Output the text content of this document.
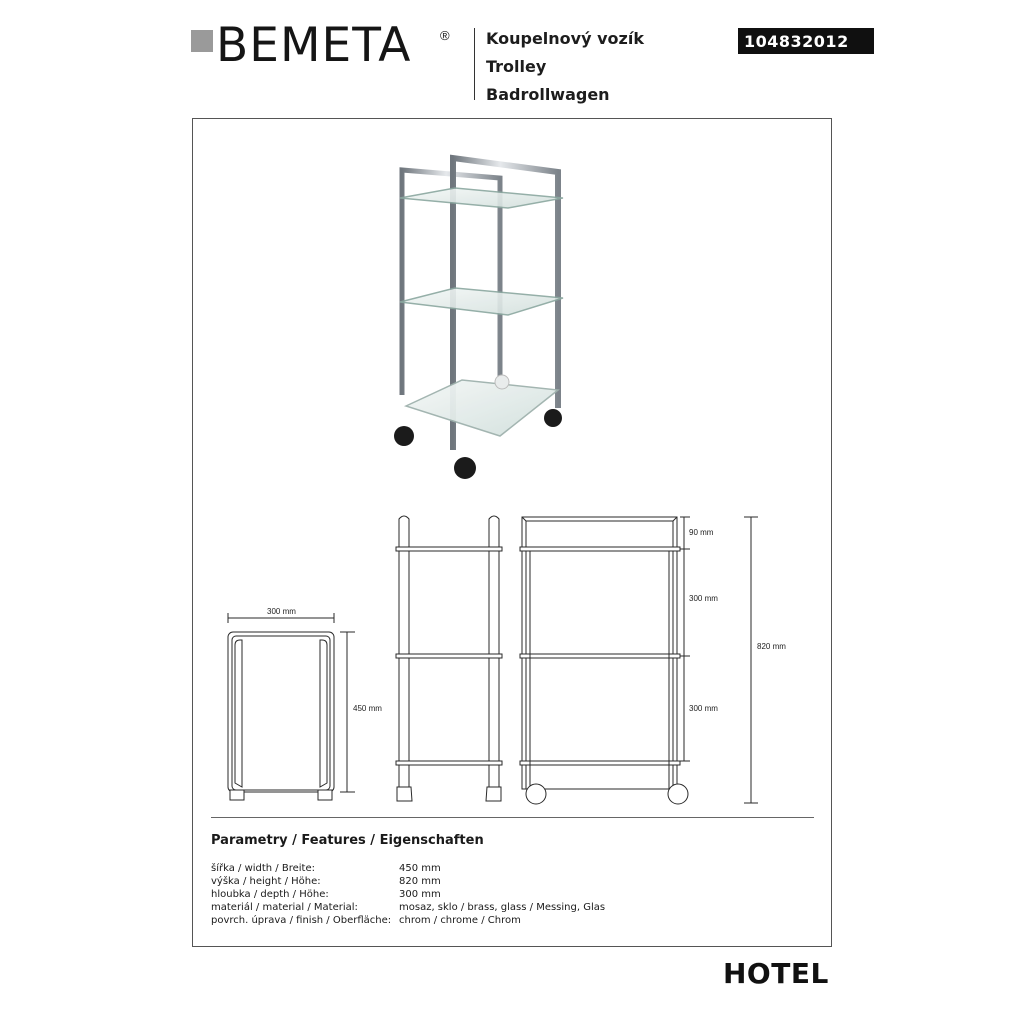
BEMETA ® Koupelnový vozík
Trolley
Badrollwagen
104832012
300 mm
450 mm
90 mm
300 mm
300 mm
820 mm
Parametry / Features / Eigenschaften
šířka / width / Breite:	450 mm
výška / height / Höhe:	820 mm
hloubka / depth / Höhe:	300 mm
materiál / material / Material:	mosaz, sklo / brass, glass / Messing, Glas
povrch. úprava / finish / Oberfläche: chrom / chrome / Chrom
HOTEL
